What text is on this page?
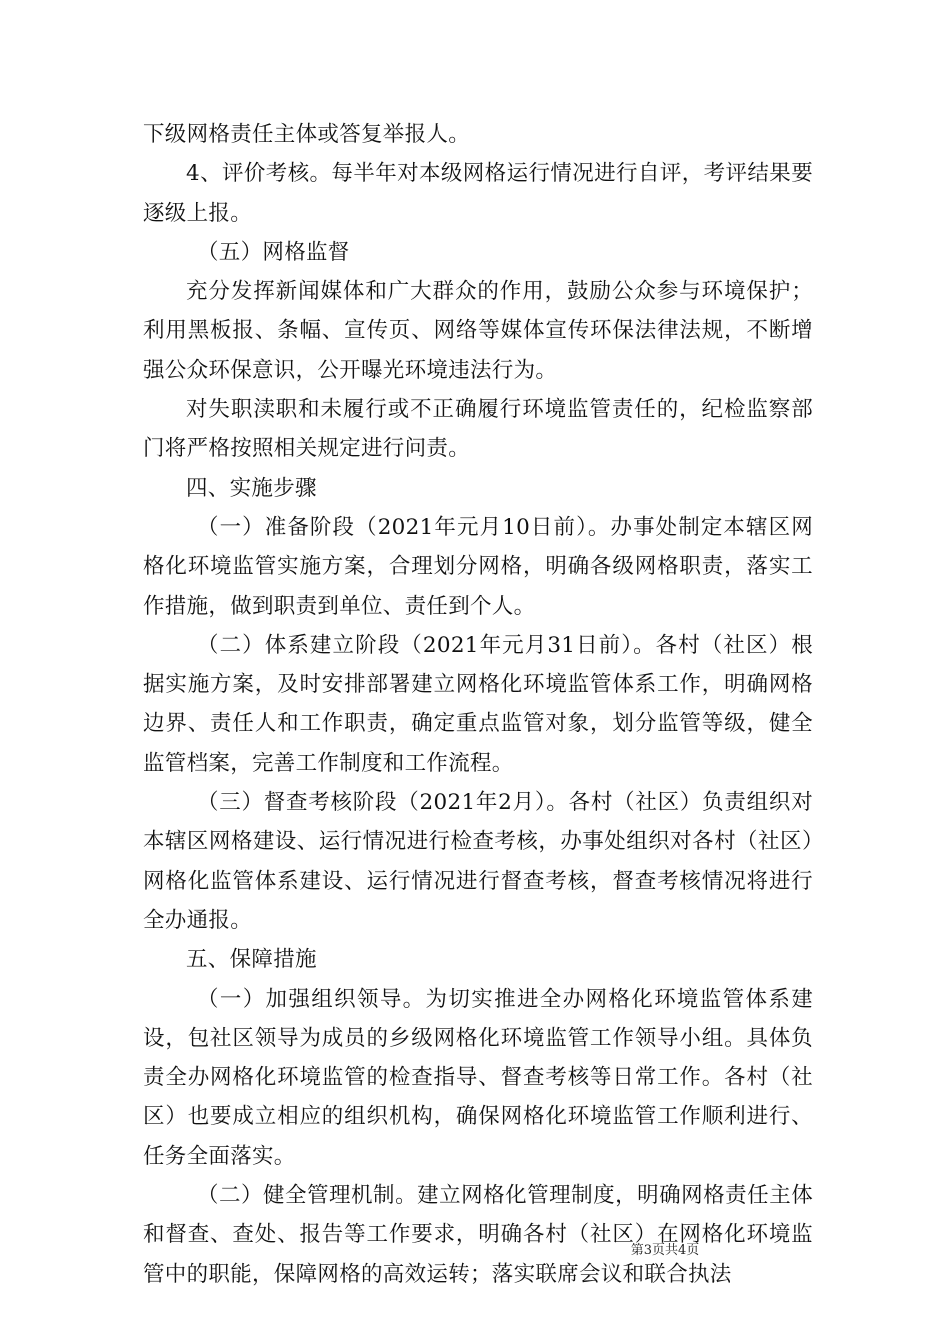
下级网格责任主体或答复举报人。

4、评价考核。每半年对本级网格运行情况进行自评，考评结果要逐级上报。

（五）网格监督

充分发挥新闻媒体和广大群众的作用，鼓励公众参与环境保护；利用黑板报、条幅、宣传页、网络等媒体宣传环保法律法规，不断增强公众环保意识，公开曝光环境违法行为。

对失职渎职和未履行或不正确履行环境监管责任的，纪检监察部门将严格按照相关规定进行问责。

四、实施步骤

（一）准备阶段（2021年元月10日前）。办事处制定本辖区网格化环境监管实施方案，合理划分网格，明确各级网格职责，落实工作措施，做到职责到单位、责任到个人。

（二）体系建立阶段（2021年元月31日前）。各村（社区）根据实施方案，及时安排部署建立网格化环境监管体系工作，明确网格边界、责任人和工作职责，确定重点监管对象，划分监管等级，健全监管档案，完善工作制度和工作流程。

（三）督查考核阶段（2021年2月）。各村（社区）负责组织对本辖区网格建设、运行情况进行检查考核，办事处组织对各村（社区）网格化监管体系建设、运行情况进行督查考核，督查考核情况将进行全办通报。

五、保障措施

（一）加强组织领导。为切实推进全办网格化环境监管体系建设，包社区领导为成员的乡级网格化环境监管工作领导小组。具体负责全办网格化环境监管的检查指导、督查考核等日常工作。各村（社区）也要成立相应的组织机构，确保网格化环境监管工作顺利进行、任务全面落实。

（二）健全管理机制。建立网格化管理制度，明确网格责任主体和督查、查处、报告等工作要求，明确各村（社区）在网格化环境监管中的职能，保障网格的高效运转；落实联席会议和联合执法

第3页共4页
